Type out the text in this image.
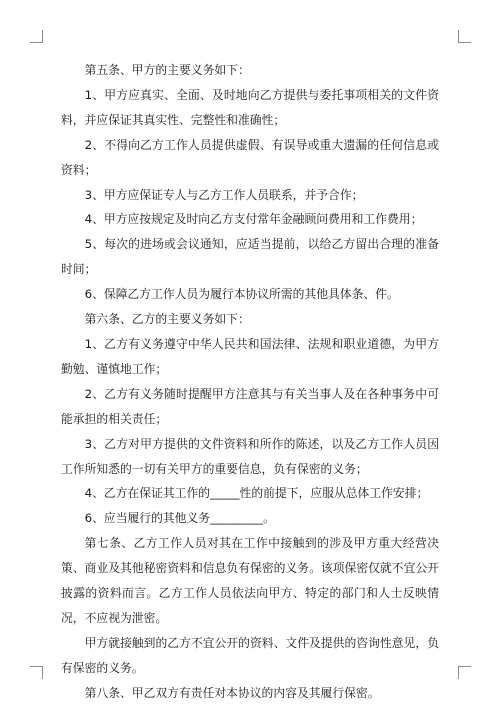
第五条、甲方的主要义务如下：

1、甲方应真实、全面、及时地向乙方提供与委托事项相关的文件资料，并应保证其真实性、完整性和准确性；

2、不得向乙方工作人员提供虚假、有误导或重大遗漏的任何信息或资料；

3、甲方应保证专人与乙方工作人员联系，并予合作；

4、甲方应按规定及时向乙方支付常年金融顾问费用和工作费用；

5、每次的进场或会议通知，应适当提前，以给乙方留出合理的准备时间；

6、保障乙方工作人员为履行本协议所需的其他具体条、件。

第六条、乙方的主要义务如下：

1、乙方有义务遵守中华人民共和国法律、法规和职业道德，为甲方勤勉、谨慎地工作；

2、乙方有义务随时提醒甲方注意其与有关当事人及在各种事务中可能承担的相关责任；

3、乙方对甲方提供的文件资料和所作的陈述，以及乙方工作人员因工作所知悉的一切有关甲方的重要信息，负有保密的义务；

4、乙方在保证其工作的_____性的前提下，应服从总体工作安排；

6、应当履行的其他义务_________。

第七条、乙方工作人员对其在工作中接触到的涉及甲方重大经营决策、商业及其他秘密资料和信息负有保密的义务。该项保密仅就不宜公开披露的资料而言。乙方工作人员依法向甲方、特定的部门和人士反映情况，不应视为泄密。

甲方就接触到的乙方不宜公开的资料、文件及提供的咨询性意见，负有保密的义务。

第八条、甲乙双方有责任对本协议的内容及其履行保密。
